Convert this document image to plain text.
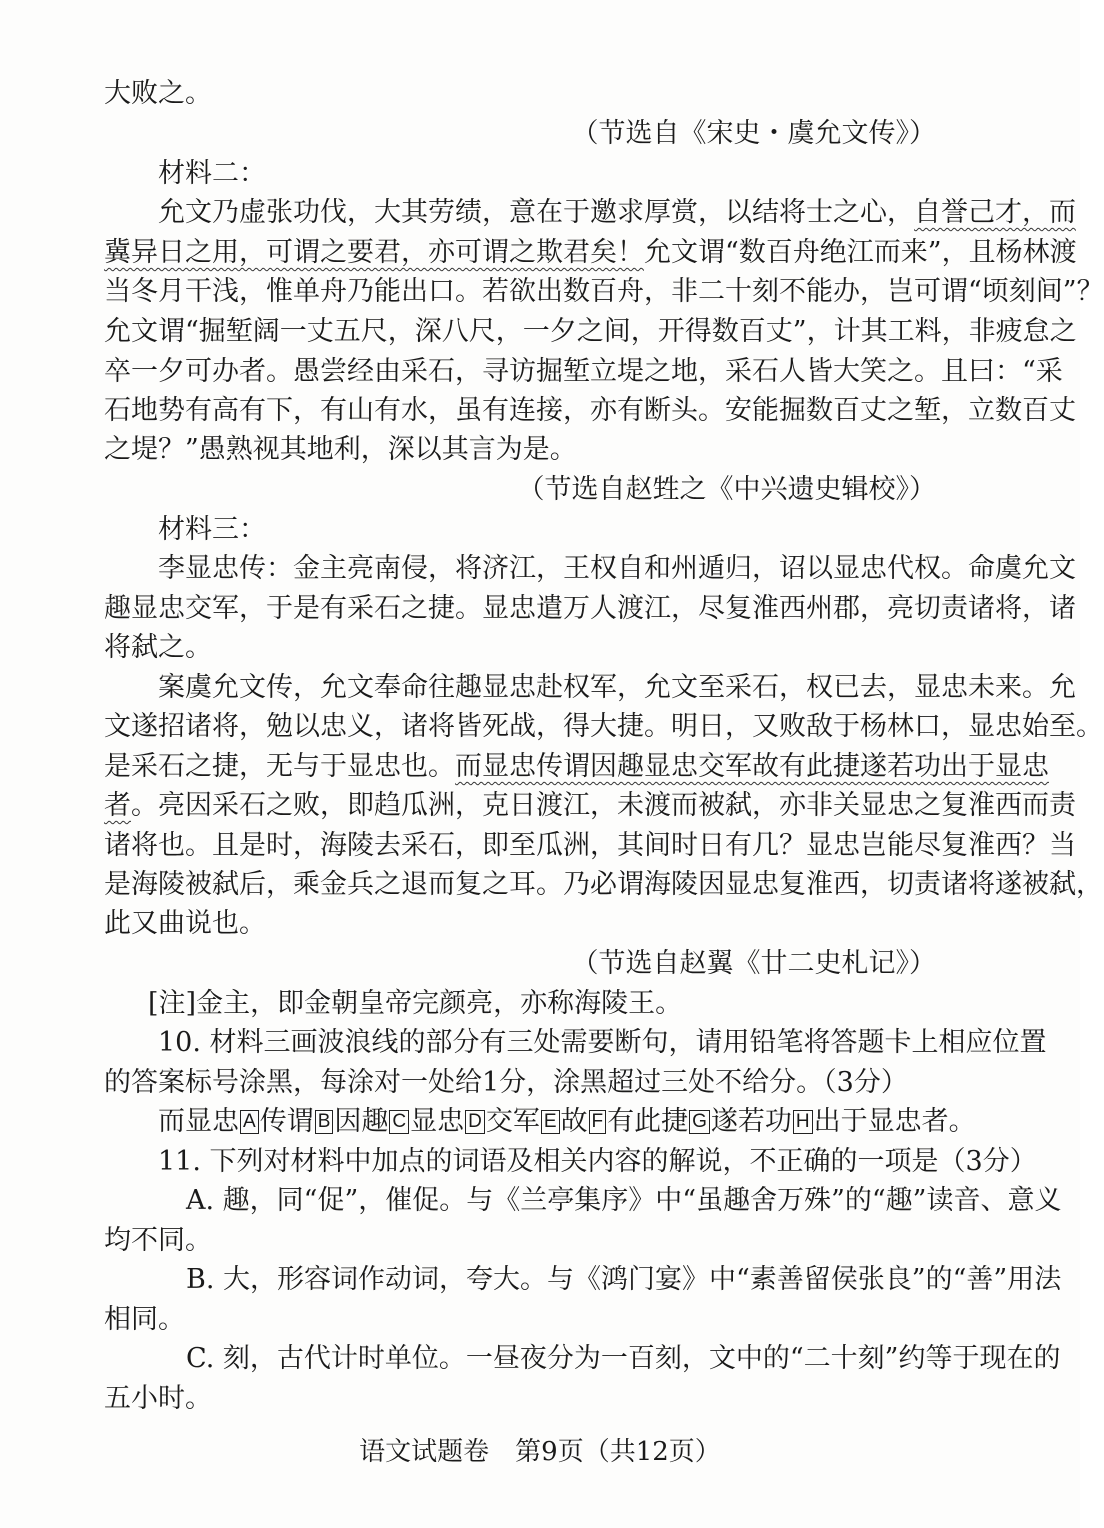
大败之。
（节选自《宋史・虞允文传》）
材料二：
允文乃虚张功伐，大其劳绩，意在于邀求厚赏，以结将士之心，自誉己才，而
冀异日之用，可谓之要君，亦可谓之欺君矣！允文谓“数百舟绝江而来”，且杨林渡
当冬月干浅，惟单舟乃能出口。若欲出数百舟，非二十刻不能办，岂可谓“顷刻间”？
允文谓“掘堑阔一丈五尺，深八尺，一夕之间，开得数百丈”，计其工料，非疲怠之
卒一夕可办者。愚尝经由采石，寻访掘堑立堤之地，采石人皆大笑之。且曰：“采
石地势有高有下，有山有水，虽有连接，亦有断头。安能掘数百丈之堑，立数百丈
之堤？”愚熟视其地利，深以其言为是。
（节选自赵甡之《中兴遗史辑校》）
材料三：
李显忠传：金主亮南侵，将济江，王权自和州遁归，诏以显忠代权。命虞允文
趣显忠交军，于是有采石之捷。显忠遣万人渡江，尽复淮西州郡，亮切责诸将，诸
将弑之。
案虞允文传，允文奉命往趣显忠赴权军，允文至采石，权已去，显忠未来。允
文遂招诸将，勉以忠义，诸将皆死战，得大捷。明日，又败敌于杨林口，显忠始至。
是采石之捷，无与于显忠也。而显忠传谓因趣显忠交军故有此捷遂若功出于显忠
者。亮因采石之败，即趋瓜洲，克日渡江，未渡而被弑，亦非关显忠之复淮西而责
诸将也。且是时，海陵去采石，即至瓜洲，其间时日有几？显忠岂能尽复淮西？当
是海陵被弑后，乘金兵之退而复之耳。乃必谓海陵因显忠复淮西，切责诸将遂被弑，
此又曲说也。
（节选自赵翼《廿二史札记》）
[注]金主，即金朝皇帝完颜亮，亦称海陵王。
10. 材料三画波浪线的部分有三处需要断句，请用铅笔将答题卡上相应位置
的答案标号涂黑，每涂对一处给1分，涂黑超过三处不给分。（3分）
而显忠 A 传谓 B 因趣 C 显忠 D 交军 E 故 F 有此捷 G 遂若功 H 出于显忠者。
11. 下列对材料中加点的词语及相关内容的解说，不正确的一项是（3分）
A. 趣，同“促”，催促。与《兰亭集序》中“虽趣舍万殊”的“趣”读音、意义
均不同。
B. 大，形容词作动词，夸大。与《鸿门宴》中“素善留侯张良”的“善”用法
相同。
C. 刻，古代计时单位。一昼夜分为一百刻，文中的“二十刻”约等于现在的
五小时。
语文试题卷　第9页（共12页）
